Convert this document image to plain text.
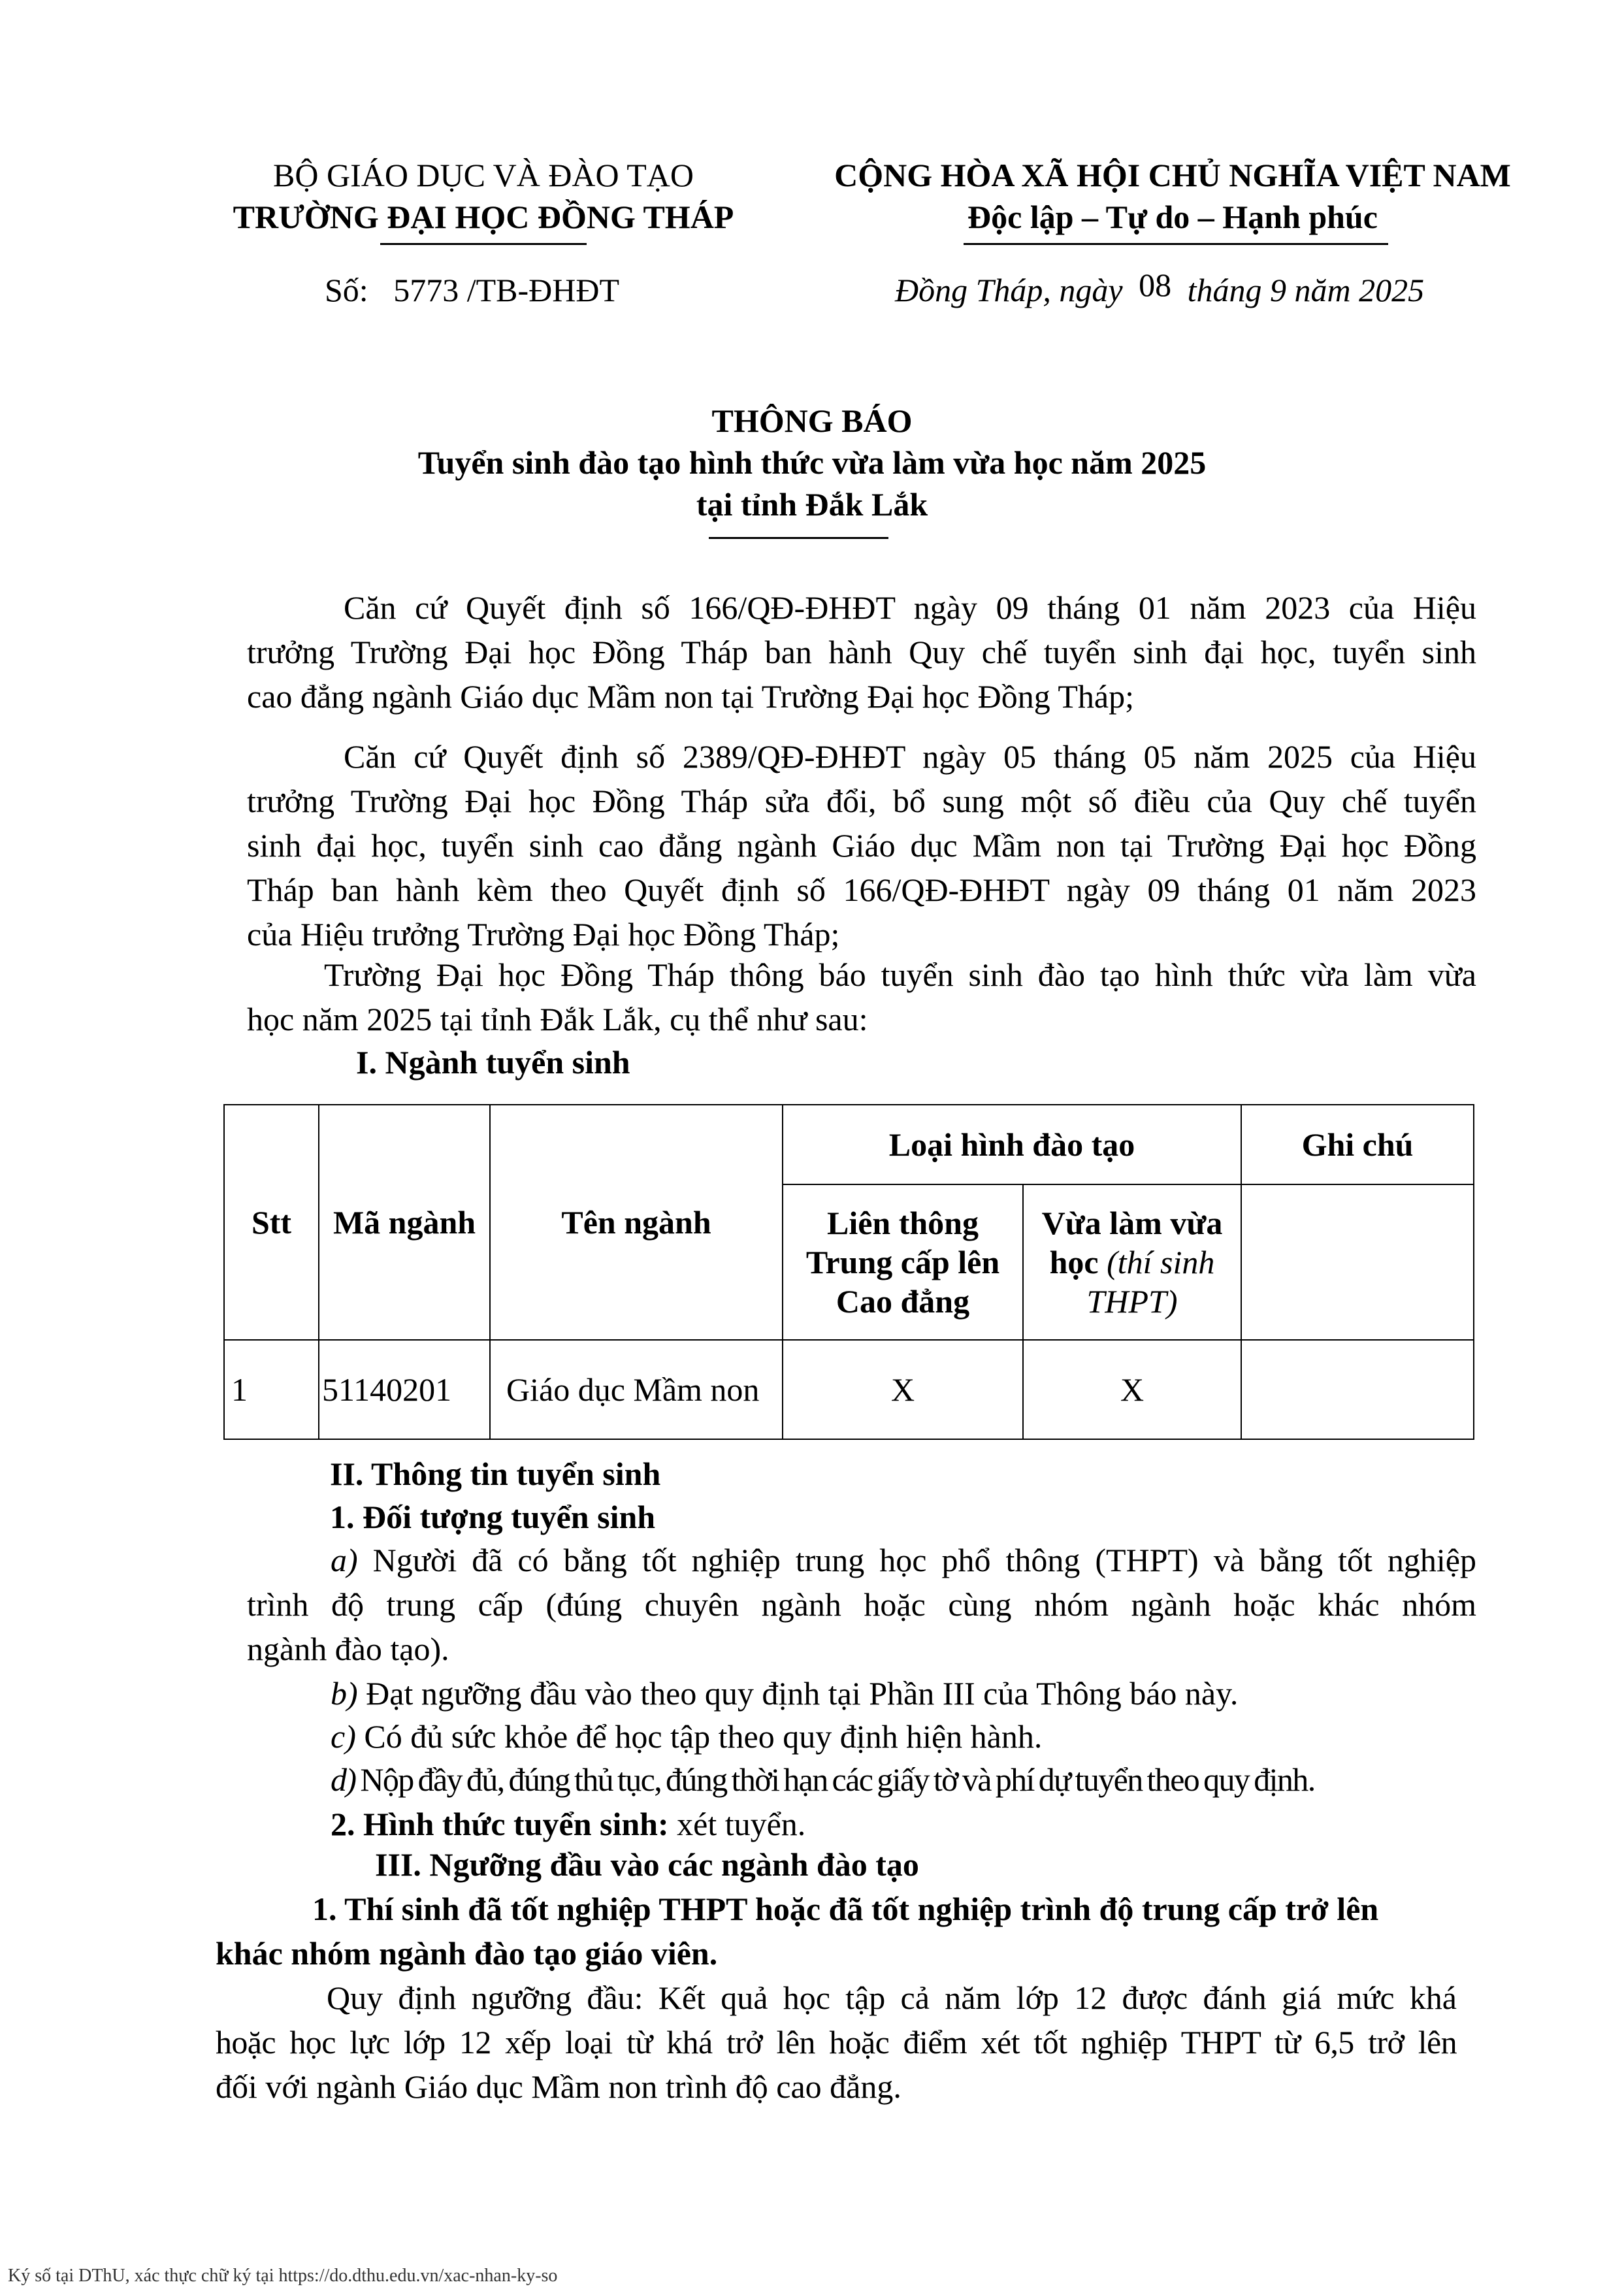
BỘ GIÁO DỤC VÀ ĐÀO TẠO
TRƯỜNG ĐẠI HỌC ĐỒNG THÁP
Số: 5773 /TB-ĐHĐT
CỘNG HÒA XÃ HỘI CHỦ NGHĨA VIỆT NAM
Độc lập – Tự do – Hạnh phúc
Đồng Tháp, ngày 08 tháng 9 năm 2025
THÔNG BÁO
Tuyển sinh đào tạo hình thức vừa làm vừa học năm 2025
tại tỉnh Đắk Lắk
Căn cứ Quyết định số 166/QĐ-ĐHĐT ngày 09 tháng 01 năm 2023 của Hiệu
trưởng Trường Đại học Đồng Tháp ban hành Quy chế tuyển sinh đại học, tuyển sinh
cao đẳng ngành Giáo dục Mầm non tại Trường Đại học Đồng Tháp;
Căn cứ Quyết định số 2389/QĐ-ĐHĐT ngày 05 tháng 05 năm 2025 của Hiệu
trưởng Trường Đại học Đồng Tháp sửa đổi, bổ sung một số điều của Quy chế tuyển
sinh đại học, tuyển sinh cao đẳng ngành Giáo dục Mầm non tại Trường Đại học Đồng
Tháp ban hành kèm theo Quyết định số 166/QĐ-ĐHĐT ngày 09 tháng 01 năm 2023
của Hiệu trưởng Trường Đại học Đồng Tháp;
Trường Đại học Đồng Tháp thông báo tuyển sinh đào tạo hình thức vừa làm vừa
học năm 2025 tại tỉnh Đắk Lắk, cụ thể như sau:
I. Ngành tuyển sinh
Stt	Mã ngành	Tên ngành	Loại hình đào tạo		Ghi chú

			Liên thông
Trung cấp lên
Cao đẳng	Vừa làm vừa
học (thí sinh
THPT)	

1	51140201	Giáo dục Mầm non	X	X	
II. Thông tin tuyển sinh
1. Đối tượng tuyển sinh
a) Người đã có bằng tốt nghiệp trung học phổ thông (THPT) và bằng tốt nghiệp
trình độ trung cấp (đúng chuyên ngành hoặc cùng nhóm ngành hoặc khác nhóm
ngành đào tạo).
b) Đạt ngưỡng đầu vào theo quy định tại Phần III của Thông báo này.
c) Có đủ sức khỏe để học tập theo quy định hiện hành.
d) Nộp đầy đủ, đúng thủ tục, đúng thời hạn các giấy tờ và phí dự tuyển theo quy định.
2. Hình thức tuyển sinh: xét tuyển.
III. Ngưỡng đầu vào các ngành đào tạo
1. Thí sinh đã tốt nghiệp THPT hoặc đã tốt nghiệp trình độ trung cấp trở lên
khác nhóm ngành đào tạo giáo viên.
Quy định ngưỡng đầu: Kết quả học tập cả năm lớp 12 được đánh giá mức khá
hoặc học lực lớp 12 xếp loại từ khá trở lên hoặc điểm xét tốt nghiệp THPT từ 6,5 trở lên
đối với ngành Giáo dục Mầm non trình độ cao đẳng.
Ký số tại DThU, xác thực chữ ký tại https://do.dthu.edu.vn/xac-nhan-ky-so
